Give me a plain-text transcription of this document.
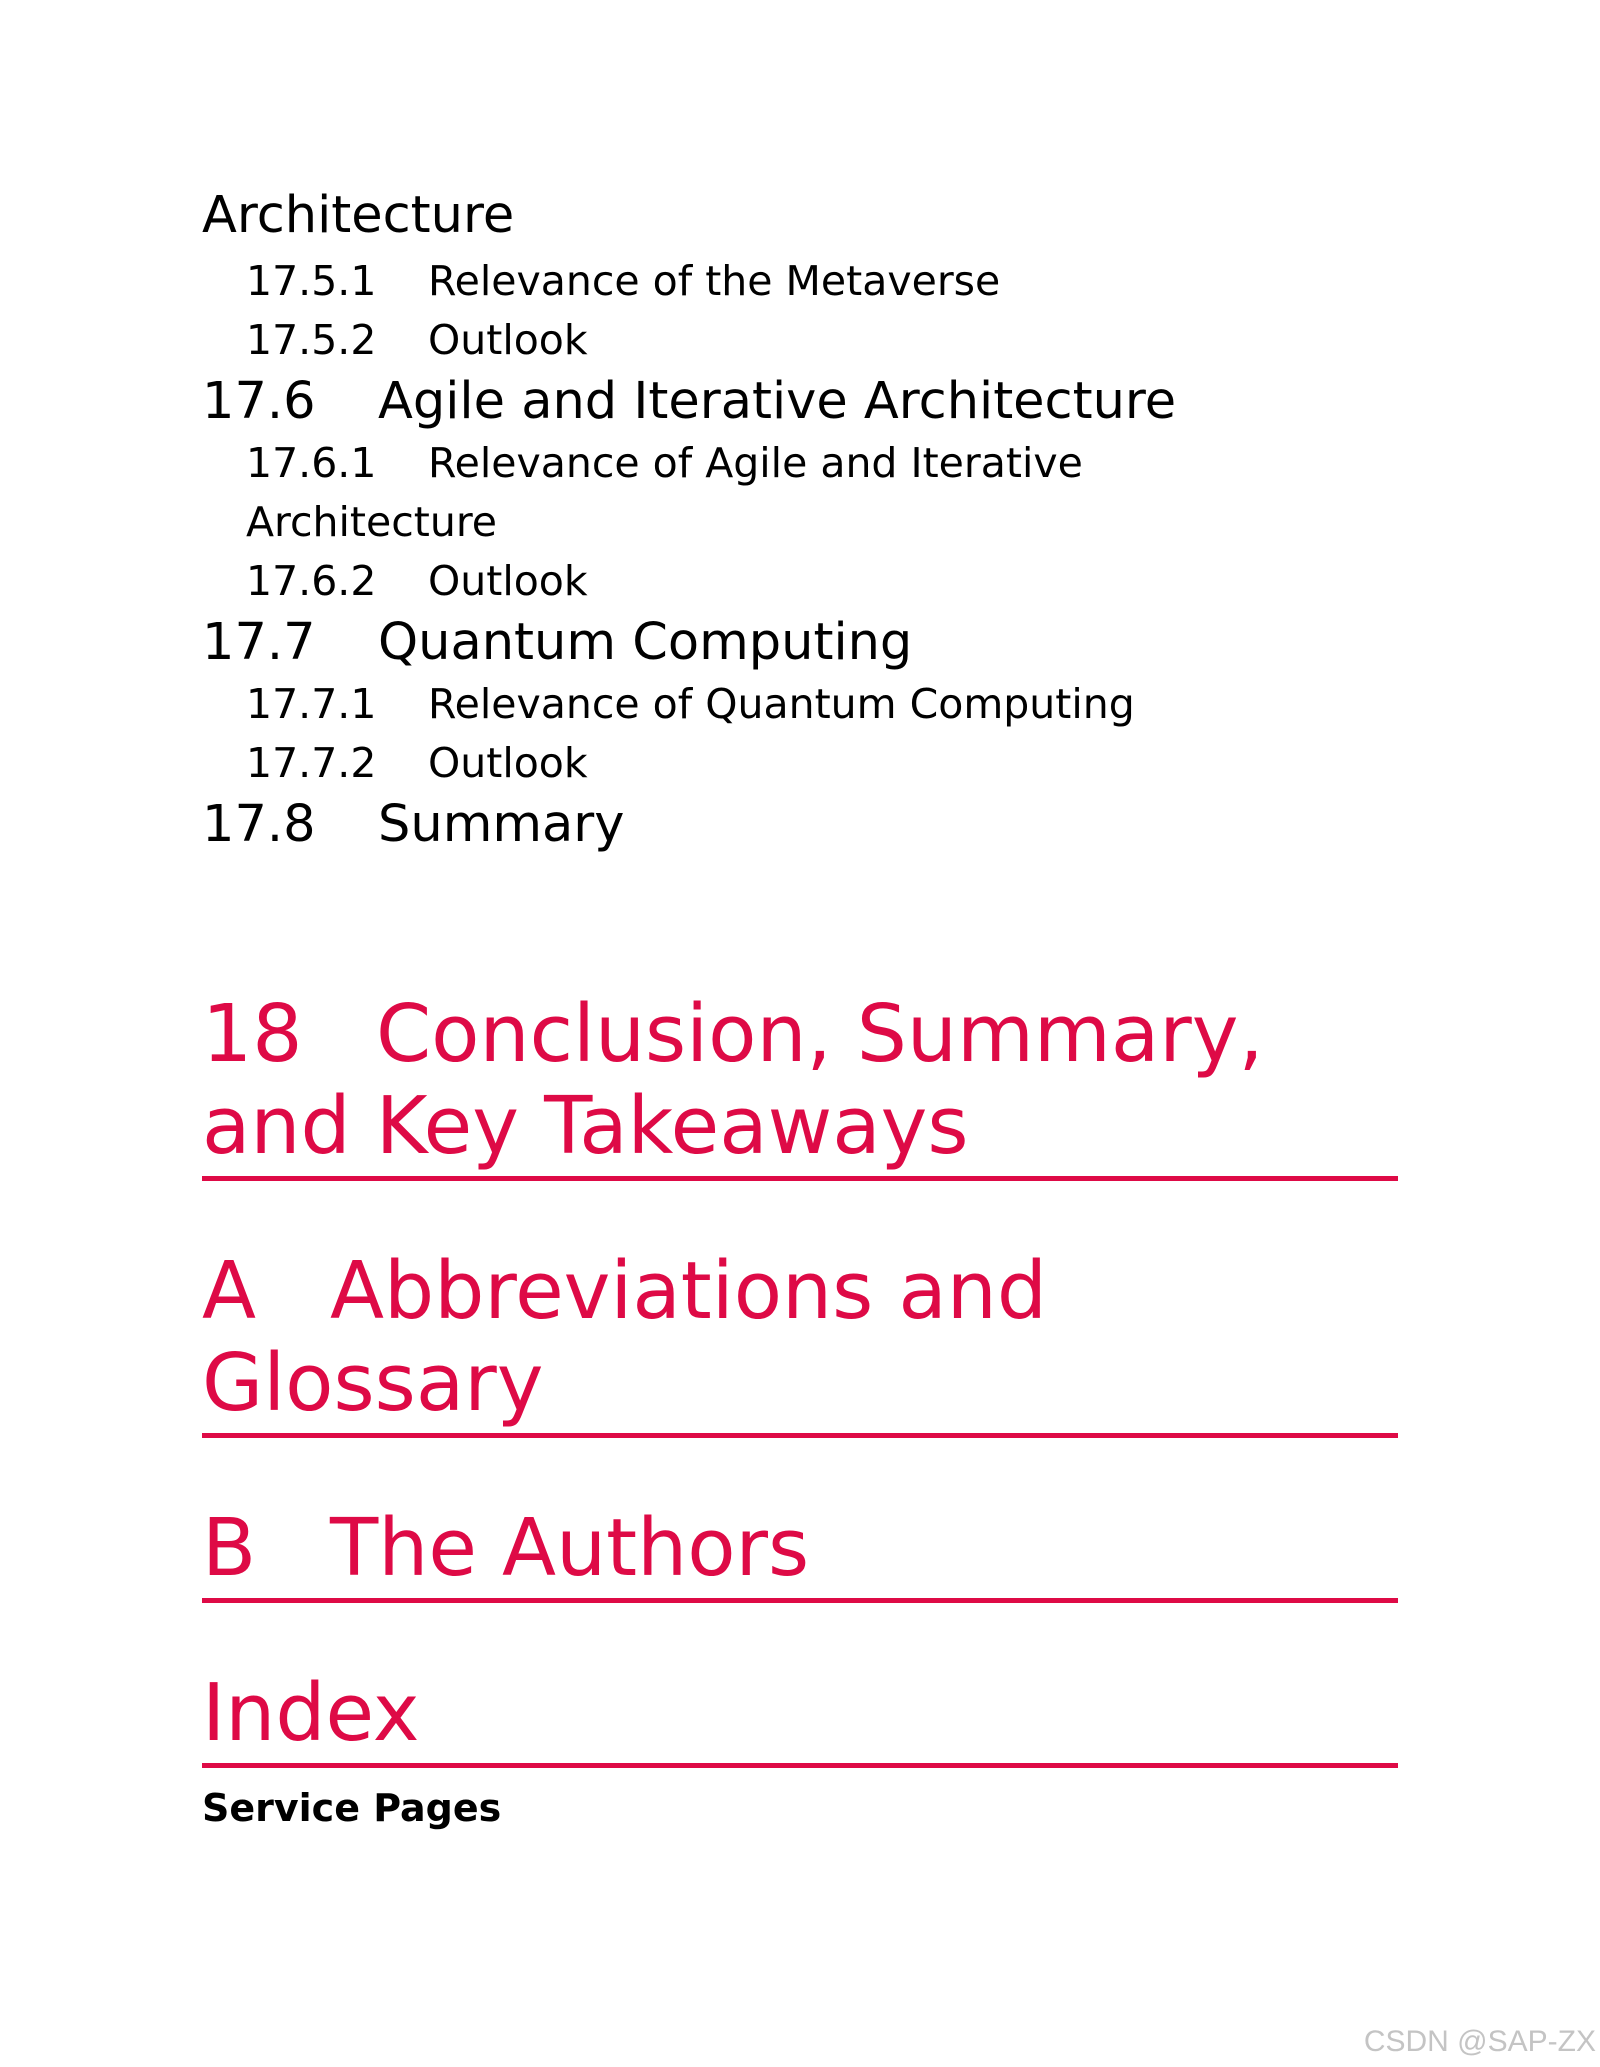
Architecture

17.5.1 Relevance of the Metaverse

17.5.2 Outlook

17.6 Agile and Iterative Architecture

17.6.1 Relevance of Agile and Iterative Architecture

17.6.2 Outlook

17.7 Quantum Computing

17.7.1 Relevance of Quantum Computing

17.7.2 Outlook

17.8 Summary

18 Conclusion, Summary, and Key Takeaways
A Abbreviations and Glossary
B The Authors
Index

Service Pages

CSDN @SAP-ZX
